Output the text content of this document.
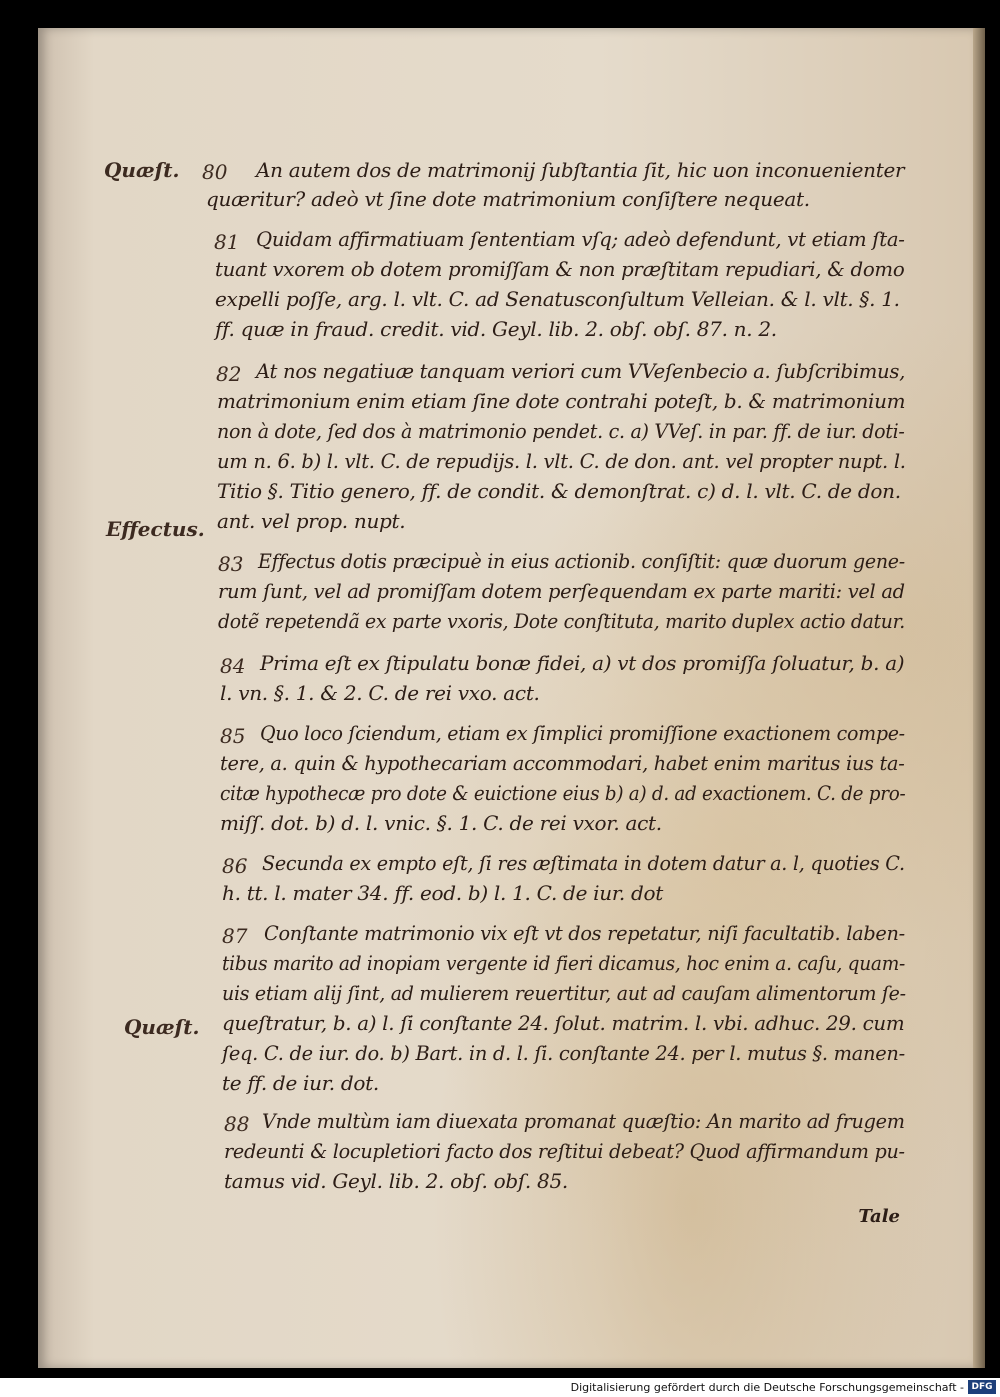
Quæſt.
Effectus.
Quæſt.
80 An autem dos de matrimonij ſubſtantia ſit, hic uon inconuenienter
quæritur? adeò vt ſine dote matrimonium conſiſtere nequeat.
81 Quidam affirmatiuam ſententiam vſq; adeò defendunt, vt etiam ſta-
tuant vxorem ob dotem promiſſam & non præſtitam repudiari, & domo
expelli poſſe, arg. l. vlt. C. ad Senatusconſultum Velleian. & l. vlt. §. 1.
ff. quæ in fraud. credit. vid. Geyl. lib. 2. obſ. obſ. 87. n. 2.
82 At nos negatiuæ tanquam veriori cum VVeſenbecio a. ſubſcribimus,
matrimonium enim etiam ſine dote contrahi poteſt, b. & matrimonium
non à dote, ſed dos à matrimonio pendet. c. a) VVeſ. in par. ff. de iur. doti-
um n. 6. b) l. vlt. C. de repudijs. l. vlt. C. de don. ant. vel propter nupt. l.
Titio §. Titio genero, ff. de condit. & demonſtrat. c) d. l. vlt. C. de don.
ant. vel prop. nupt.
83 Effectus dotis præcipuè in eius actionib. conſiſtit: quæ duorum gene-
rum ſunt, vel ad promiſſam dotem perſequendam ex parte mariti: vel ad
dotẽ repetendã ex parte vxoris, Dote conſtituta, marito duplex actio datur.
84 Prima eſt ex ſtipulatu bonæ fidei, a) vt dos promiſſa ſoluatur, b. a)
l. vn. §. 1. & 2. C. de rei vxo. act.
85 Quo loco ſciendum, etiam ex ſimplici promiſſione exactionem compe-
tere, a. quin & hypothecariam accommodari, habet enim maritus ius ta-
citæ hypothecæ pro dote & euictione eius b) a) d. ad exactionem. C. de pro-
miſſ. dot. b) d. l. vnic. §. 1. C. de rei vxor. act.
86 Secunda ex empto eſt, ſi res æſtimata in dotem datur a. l, quoties C.
h. tt. l. mater 34. ff. eod. b) l. 1. C. de iur. dot
87 Conſtante matrimonio vix eſt vt dos repetatur, niſi facultatib. laben-
tibus marito ad inopiam vergente id fieri dicamus, hoc enim a. caſu, quam-
uis etiam alij ſint, ad mulierem reuertitur, aut ad cauſam alimentorum ſe-
queſtratur, b. a) l. ſi conſtante 24. ſolut. matrim. l. vbi. adhuc. 29. cum
ſeq. C. de iur. do. b) Bart. in d. l. ſi. conſtante 24. per l. mutus §. manen-
te ff. de iur. dot.
88 Vnde multùm iam diuexata promanat quæſtio: An marito ad frugem
redeunti & locupletiori facto dos reſtitui debeat? Quod affirmandum pu-
tamus vid. Geyl. lib. 2. obſ. obſ. 85.
Tale
Digitalisierung gefördert durch die Deutsche Forschungsgemeinschaft - DFG
